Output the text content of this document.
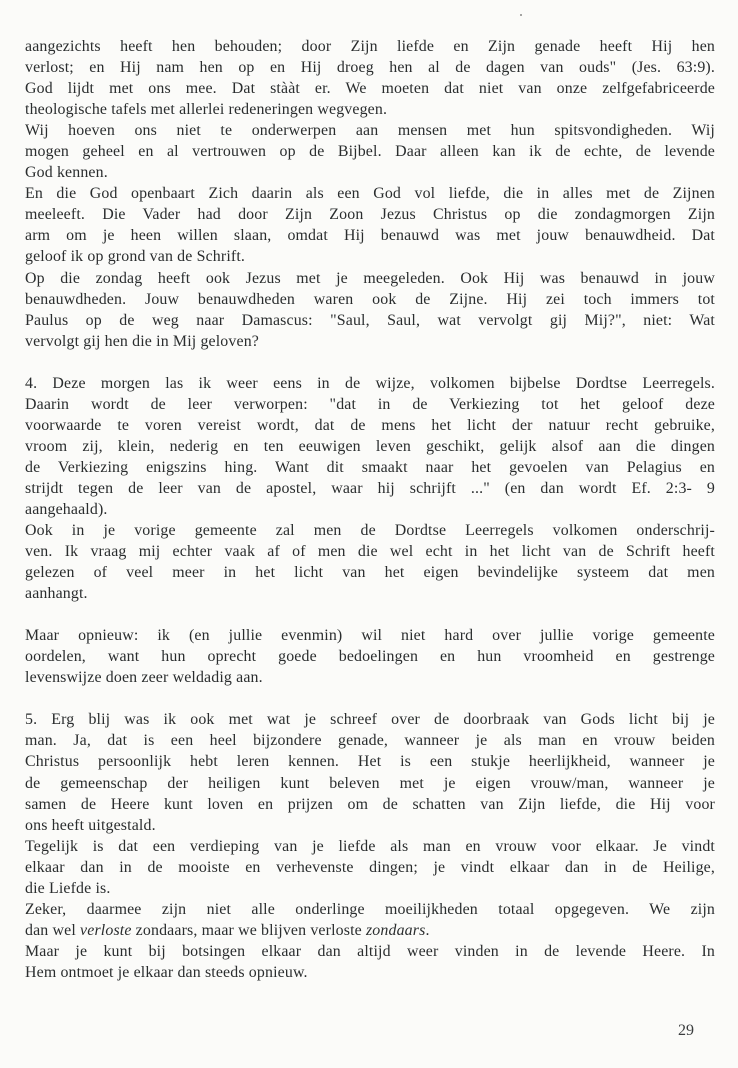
aangezichts heeft hen behouden; door Zijn liefde en Zijn genade heeft Hij hen
verlost; en Hij nam hen op en Hij droeg hen al de dagen van ouds" (Jes. 63:9).
God lijdt met ons mee. Dat stààt er. We moeten dat niet van onze zelfgefabriceerde
theologische tafels met allerlei redeneringen wegvegen.
Wij hoeven ons niet te onderwerpen aan mensen met hun spitsvondigheden. Wij
mogen geheel en al vertrouwen op de Bijbel. Daar alleen kan ik de echte, de levende
God kennen.
En die God openbaart Zich daarin als een God vol liefde, die in alles met de Zijnen
meeleeft. Die Vader had door Zijn Zoon Jezus Christus op die zondagmorgen Zijn
arm om je heen willen slaan, omdat Hij benauwd was met jouw benauwdheid. Dat
geloof ik op grond van de Schrift.
Op die zondag heeft ook Jezus met je meegeleden. Ook Hij was benauwd in jouw
benauwdheden. Jouw benauwdheden waren ook de Zijne. Hij zei toch immers tot
Paulus op de weg naar Damascus: "Saul, Saul, wat vervolgt gij Mij?", niet: Wat
vervolgt gij hen die in Mij geloven?
4. Deze morgen las ik weer eens in de wijze, volkomen bijbelse Dordtse Leerregels.
Daarin wordt de leer verworpen: "dat in de Verkiezing tot het geloof deze
voorwaarde te voren vereist wordt, dat de mens het licht der natuur recht gebruike,
vroom zij, klein, nederig en ten eeuwigen leven geschikt, gelijk alsof aan die dingen
de Verkiezing enigszins hing. Want dit smaakt naar het gevoelen van Pelagius en
strijdt tegen de leer van de apostel, waar hij schrijft ..." (en dan wordt Ef. 2:3- 9
aangehaald).
Ook in je vorige gemeente zal men de Dordtse Leerregels volkomen onderschrij-
ven. Ik vraag mij echter vaak af of men die wel echt in het licht van de Schrift heeft
gelezen of veel meer in het licht van het eigen bevindelijke systeem dat men
aanhangt.
Maar opnieuw: ik (en jullie evenmin) wil niet hard over jullie vorige gemeente
oordelen, want hun oprecht goede bedoelingen en hun vroomheid en gestrenge
levenswijze doen zeer weldadig aan.
5. Erg blij was ik ook met wat je schreef over de doorbraak van Gods licht bij je
man. Ja, dat is een heel bijzondere genade, wanneer je als man en vrouw beiden
Christus persoonlijk hebt leren kennen. Het is een stukje heerlijkheid, wanneer je
de gemeenschap der heiligen kunt beleven met je eigen vrouw/man, wanneer je
samen de Heere kunt loven en prijzen om de schatten van Zijn liefde, die Hij voor
ons heeft uitgestald.
Tegelijk is dat een verdieping van je liefde als man en vrouw voor elkaar. Je vindt
elkaar dan in de mooiste en verhevenste dingen; je vindt elkaar dan in de Heilige,
die Liefde is.
Zeker, daarmee zijn niet alle onderlinge moeilijkheden totaal opgegeven. We zijn
dan wel verloste zondaars, maar we blijven verloste zondaars.
Maar je kunt bij botsingen elkaar dan altijd weer vinden in de levende Heere. In
Hem ontmoet je elkaar dan steeds opnieuw.
29
